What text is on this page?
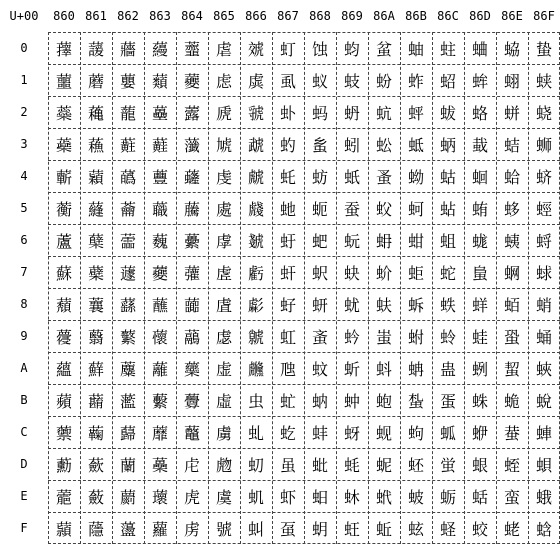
U+00	860 861 862 863 864 865 866 867 868 869 86A 86B 86C 86D 86E 86F
0
1
2
3
4
5
6
7
8
9
A
B
C
D
E
F
蘀
蘁
蘂
蘃
蘄
蘅
蘆
蘇
蘈
蘉
蘊
蘋
蘌
蘍
蘎
蘏
蘐
蘑
蘒
蘓
蘔
蘕
蘖
蘗
蘘
蘙
蘚
蘛
蘜
蘝
蘞
蘟
蘠
蘡
蘢
蘣
蘤
蘥
蘦
蘧
蘨
蘩
蘪
蘫
蘬
蘭
蘮
蘯
蘰
蘱
蘲
蘳
蘴
蘵
蘶
蘷
蘸
蘹
蘺
蘻
蘼
蘽
蘾
蘿
虀
虁
虂
虃
虄
虅
虆
虇
虈
虉
虊
虋
虌
虍
虎
虏
虐
虑
虒
虓
虔
處
虖
虗
虘
虙
虚
虛
虜
虝
虞
號
虠
虡
虢
虣
虤
虥
虦
虧
虨
虩
虪
虫
虬
虭
虮
虯
虰
虱
虲
虳
虴
虵
虶
虷
虸
虹
虺
虻
虼
虽
虾
虿
蚀
蚁
蚂
蚃
蚄
蚅
蚆
蚇
蚈
蚉
蚊
蚋
蚌
蚍
蚎
蚏
蚐
蚑
蚒
蚓
蚔
蚕
蚖
蚗
蚘
蚙
蚚
蚛
蚜
蚝
蚞
蚟
蚠
蚡
蚢
蚣
蚤
蚥
蚦
蚧
蚨
蚩
蚪
蚫
蚬
蚭
蚮
蚯
蚰
蚱
蚲
蚳
蚴
蚵
蚶
蚷
蚸
蚹
蚺
蚻
蚼
蚽
蚾
蚿
蛀
蛁
蛂
蛃
蛄
蛅
蛆
蛇
蛈
蛉
蛊
蛋
蛌
蛍
蛎
蛏
蛐
蛑
蛒
蛓
蛔
蛕
蛖
蛗
蛘
蛙
蛚
蛛
蛜
蛝
蛞
蛟
蛠
蛡
蛢
蛣
蛤
蛥
蛦
蛧
蛨
蛩
蛪
蛫
蛬
蛭
蛮
蛯
蛰
蛱
蛲
蛳
蛴
蛵
蛶
蛷
蛸
蛹
蛺
蛻
蛼
蛽
蛾
蛿
